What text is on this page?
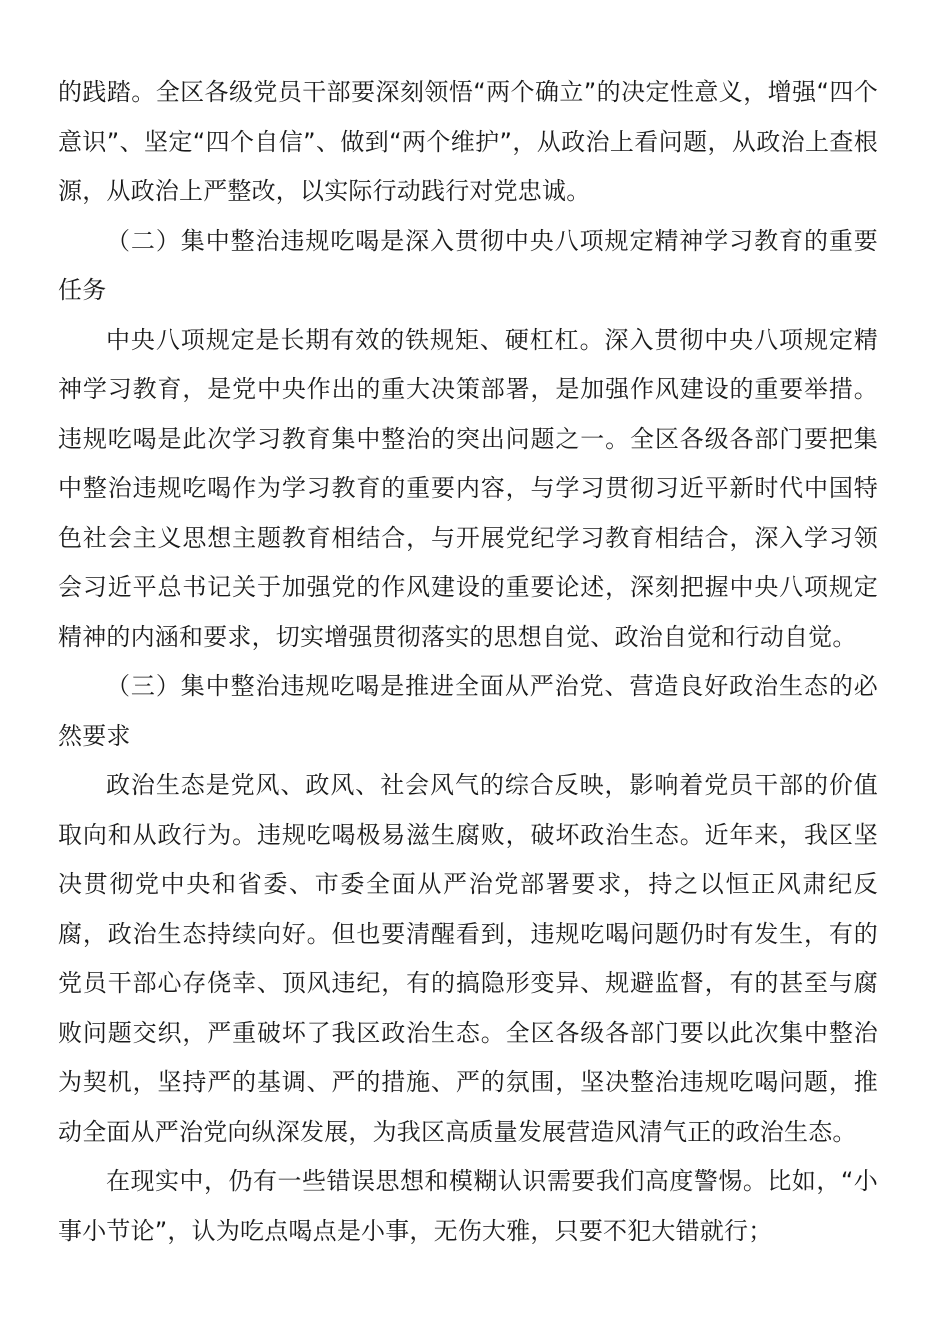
的践踏。全区各级党员干部要深刻领悟“两个确立”的决定性意义，增强“四个意识”、坚定“四个自信”、做到“两个维护”，从政治上看问题，从政治上查根源，从政治上严整改，以实际行动践行对党忠诚。

（二）集中整治违规吃喝是深入贯彻中央八项规定精神学习教育的重要任务

中央八项规定是长期有效的铁规矩、硬杠杠。深入贯彻中央八项规定精神学习教育，是党中央作出的重大决策部署，是加强作风建设的重要举措。违规吃喝是此次学习教育集中整治的突出问题之一。全区各级各部门要把集中整治违规吃喝作为学习教育的重要内容，与学习贯彻习近平新时代中国特色社会主义思想主题教育相结合，与开展党纪学习教育相结合，深入学习领会习近平总书记关于加强党的作风建设的重要论述，深刻把握中央八项规定精神的内涵和要求，切实增强贯彻落实的思想自觉、政治自觉和行动自觉。

（三）集中整治违规吃喝是推进全面从严治党、营造良好政治生态的必然要求

政治生态是党风、政风、社会风气的综合反映，影响着党员干部的价值取向和从政行为。违规吃喝极易滋生腐败，破坏政治生态。近年来，我区坚决贯彻党中央和省委、市委全面从严治党部署要求，持之以恒正风肃纪反腐，政治生态持续向好。但也要清醒看到，违规吃喝问题仍时有发生，有的党员干部心存侥幸、顶风违纪，有的搞隐形变异、规避监督，有的甚至与腐败问题交织，严重破坏了我区政治生态。全区各级各部门要以此次集中整治为契机，坚持严的基调、严的措施、严的氛围，坚决整治违规吃喝问题，推动全面从严治党向纵深发展，为我区高质量发展营造风清气正的政治生态。

在现实中，仍有一些错误思想和模糊认识需要我们高度警惕。比如，“小事小节论”，认为吃点喝点是小事，无伤大雅，只要不犯大错就行；
